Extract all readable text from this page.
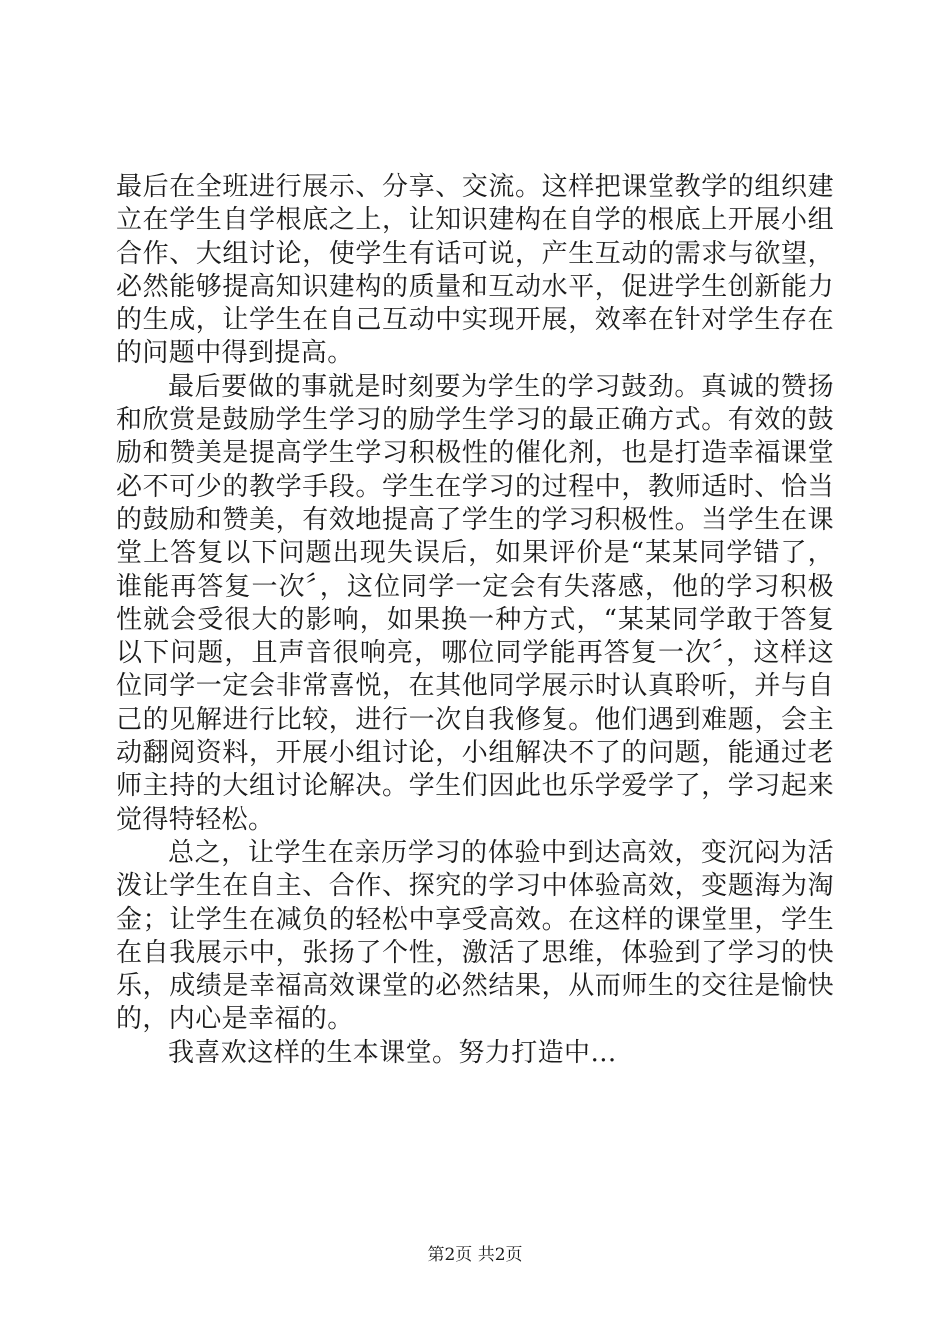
最后在全班进行展示、分享、交流。这样把课堂教学的组织建立在学生自学根底之上，让知识建构在自学的根底上开展小组合作、大组讨论，使学生有话可说，产生互动的需求与欲望，必然能够提高知识建构的质量和互动水平，促进学生创新能力的生成，让学生在自己互动中实现开展，效率在针对学生存在的问题中得到提高。

最后要做的事就是时刻要为学生的学习鼓劲。真诚的赞扬和欣赏是鼓励学生学习的励学生学习的最正确方式。有效的鼓励和赞美是提高学生学习积极性的催化剂，也是打造幸福课堂必不可少的教学手段。学生在学习的过程中，教师适时、恰当的鼓励和赞美，有效地提高了学生的学习积极性。当学生在课堂上答复以下问题出现失误后，如果评价是“某某同学错了，谁能再答复一次〞，这位同学一定会有失落感，他的学习积极性就会受很大的影响，如果换一种方式，“某某同学敢于答复以下问题，且声音很响亮，哪位同学能再答复一次〞，这样这位同学一定会非常喜悦，在其他同学展示时认真聆听，并与自己的见解进行比较，进行一次自我修复。他们遇到难题，会主动翻阅资料，开展小组讨论，小组解决不了的问题，能通过老师主持的大组讨论解决。学生们因此也乐学爱学了，学习起来觉得特轻松。

总之，让学生在亲历学习的体验中到达高效，变沉闷为活泼让学生在自主、合作、探究的学习中体验高效，变题海为淘金；让学生在减负的轻松中享受高效。在这样的课堂里，学生在自我展示中，张扬了个性，激活了思维，体验到了学习的快乐，成绩是幸福高效课堂的必然结果，从而师生的交往是愉快的，内心是幸福的。

我喜欢这样的生本课堂。努力打造中…

第2页 共2页
